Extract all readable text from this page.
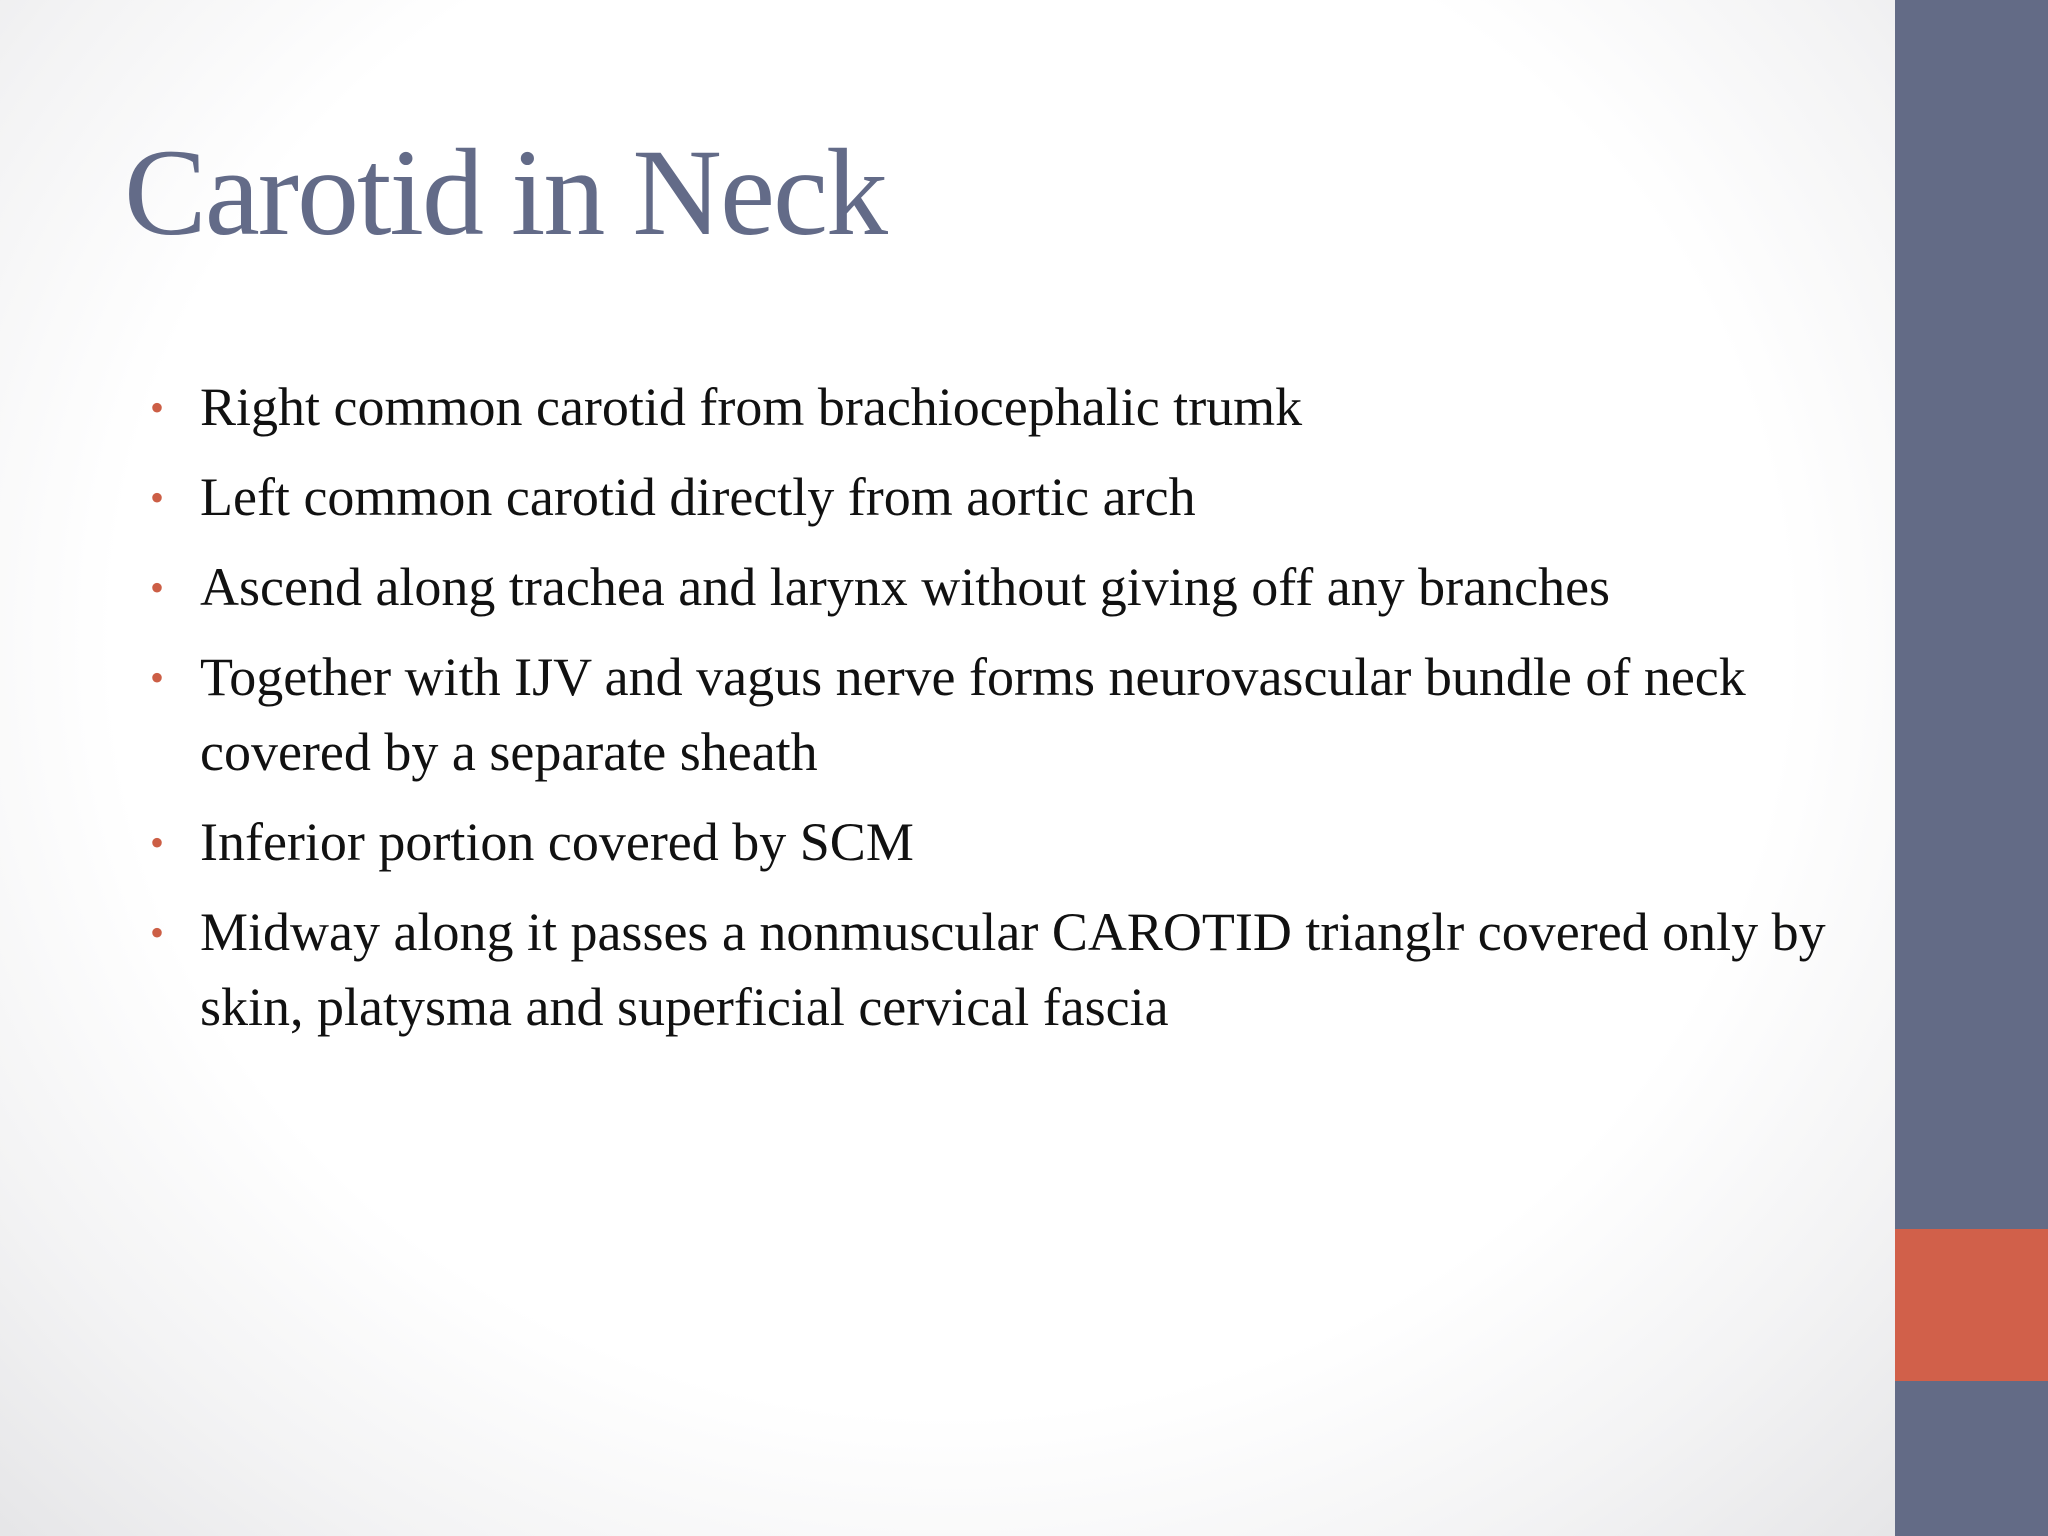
Carotid in Neck
• Right common carotid from brachiocephalic trumk
• Left common carotid directly from aortic arch
• Ascend along trachea and larynx without giving off any branches
• Together with IJV and vagus nerve forms neurovascular bundle of neck covered by a separate sheath
• Inferior portion covered by SCM
• Midway along it passes a nonmuscular CAROTID trianglr covered only by skin, platysma and superficial cervical fascia
